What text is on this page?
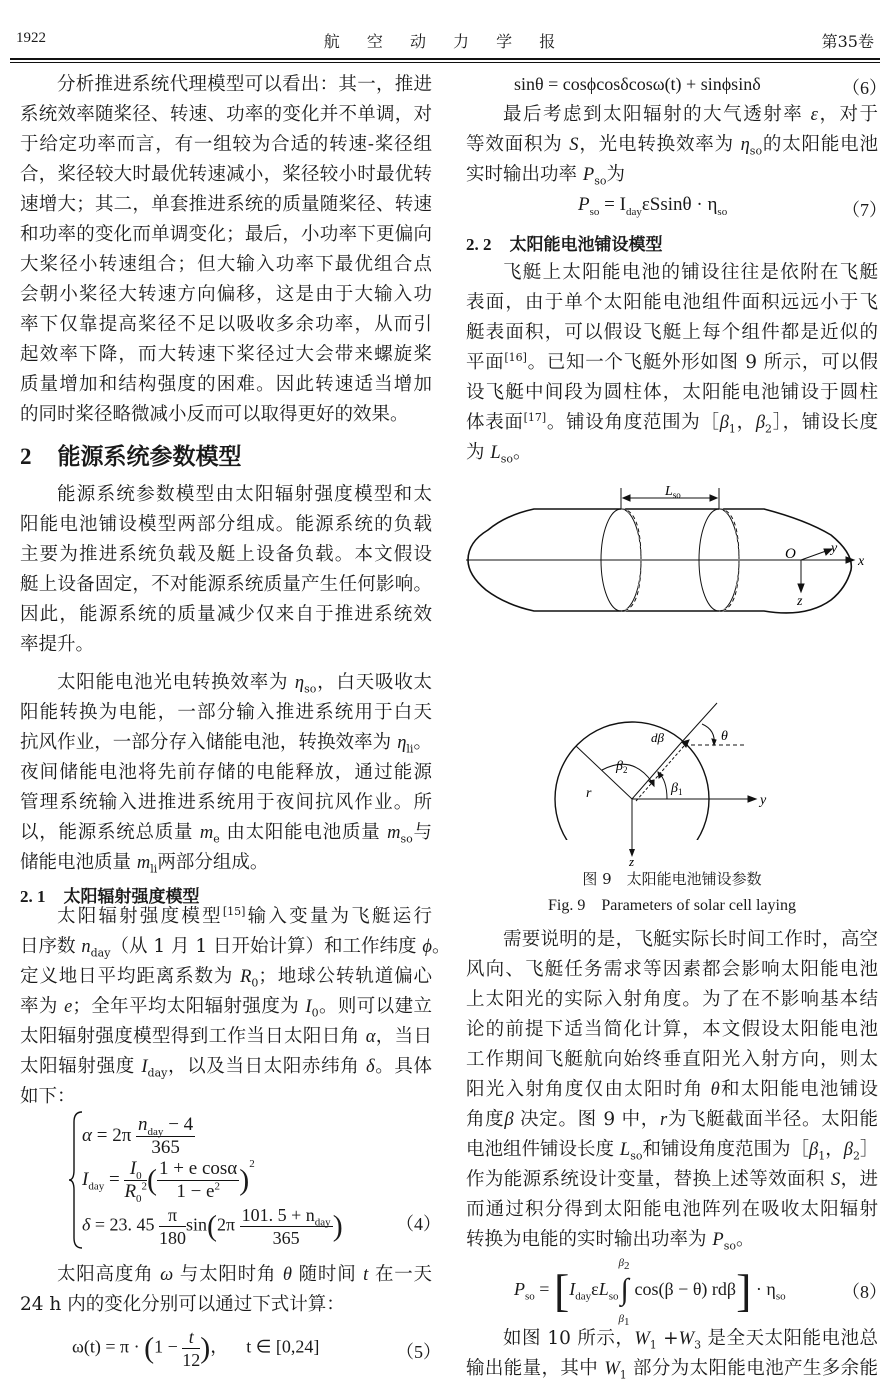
1922	航 空 动 力 学 报	第35卷
分析推进系统代理模型可以看出：其一，推进
系统效率随桨径、转速、功率的变化并不单调，对
于给定功率而言，有一组较为合适的转速-桨径组
合，桨径较大时最优转速减小，桨径较小时最优转
速增大；其二，单套推进系统的质量随桨径、转速
和功率的变化而单调变化；最后，小功率下更偏向
大桨径小转速组合；但大输入功率下最优组合点
会朝小桨径大转速方向偏移，这是由于大输入功
率下仅靠提高桨径不足以吸收多余功率，从而引
起效率下降，而大转速下桨径过大会带来螺旋桨
质量增加和结构强度的困难。因此转速适当增加
的同时桨径略微减小反而可以取得更好的效果。
2 能源系统参数模型
能源系统参数模型由太阳辐射强度模型和太
阳能电池铺设模型两部分组成。能源系统的负载
主要为推进系统负载及艇上设备负载。本文假设
艇上设备固定，不对能源系统质量产生任何影响。
因此，能源系统的质量减少仅来自于推进系统效
率提升。
太阳能电池光电转换效率为 $\eta_{so}$，白天吸收太
阳能转换为电能，一部分输入推进系统用于白天
抗风作业，一部分存入储能电池，转换效率为 $\eta_{li}$。
夜间储能电池将先前存储的电能释放，通过能源
管理系统输入进推进系统用于夜间抗风作业。所
以，能源系统总质量 $m_e$ 由太阳能电池质量 $m_{so}$与
储能电池质量 $m_{li}$两部分组成。
2. 1 太阳辐射强度模型
太阳辐射强度模型[15]输入变量为飞艇运行
日序数 $n_{day}$（从 1 月 1 日开始计算）和工作纬度 ϕ。
定义地日平均距离系数为 $R_0$；地球公转轨道偏心
率为 e；全年平均太阳辐射强度为 $I_0$。则可以建立
太阳辐射强度模型得到工作当日太阳日角 α，当日
太阳辐射强度 $I_{day}$，以及当日太阳赤纬角 δ。具体
如下：
$\alpha = 2\pi \frac{n_{day} - 4}{365}$
$I_{day} = \frac{I_0}{R_0^2}$ ( $\frac{\text{1 + e cosα}}{1 - e^2} )^2$
（4）
δ = 23. $45 \frac{\pi}{180} \sin(2\pi \frac{101. 5 + n_{day}}{365}$ )
太阳高度角 ω 与太阳时角 θ 随时间 t 在一天
24 h 内的变化分别可以通过下式计算：
$\omega(t) = \pi \cdot (1 - \frac{t}{12}$ )， t ∈ [0,24]	（5）
sinθ = cosϕcosδcosω(t) + sinϕsinδ	（6）
最后考虑到太阳辐射的大气透射率 ε，对于
等效面积为 S，光电转换效率为 $\eta_{so}$的太阳能电池
实时输出功率 $P_{so}$为
$P_{so} = I_{day}\varepsilon Ssin\theta \cdot \eta_{so}$	（7）
2. 2 太阳能电池铺设模型
飞艇上太阳能电池的铺设往往是依附在飞艇
表面，由于单个太阳能电池组件面积远远小于飞
艇表面积，可以假设飞艇上每个组件都是近似的
平面[16]。已知一个飞艇外形如图 9 所示，可以假
设飞艇中间段为圆柱体，太阳能电池铺设于圆柱
体表面[17]。铺设角度范围为$[\beta_1$，$\beta_2]$，铺设长度
为 $L_{so}$。
$L_{so}$
O	y
x
z
θ
dβ
$\beta_2$
$\beta_1$
r	y
z
图 9　太阳能电池铺设参数
Fig. 9　Parameters of solar cell laying
需要说明的是，飞艇实际长时间工作时，高空
风向、飞艇任务需求等因素都会影响太阳能电池
上太阳光的实际入射角度。为了在不影响基本结
论的前提下适当简化计算，本文假设太阳能电池
工作期间飞艇航向始终垂直阳光入射方向，则太
阳光入射角度仅由太阳时角 θ和太阳能电池铺设
角度β 决定。图 9 中，r为飞艇截面半径。太阳能
电池组件铺设长度 $L_{so}$和铺设角度范围为$[\beta_1$，$\beta_2]$
作为能源系统设计变量，替换上述等效面积 S，进
而通过积分得到太阳能电池阵列在吸收太阳辐射
转换为电能的实时输出功率为 $P_{so}$。
$P_{so} = [I_{day}\varepsilon L_{so}$
$\beta_2$
∫
$\beta_1$
cos(β − θ) $rd\beta] \cdot \eta_{so}$	（8）
如图 10 所示，$W_1 +W_3$ 是全天太阳能电池总
输出能量，其中 $W_1$ 部分为太阳能电池产生多余能
